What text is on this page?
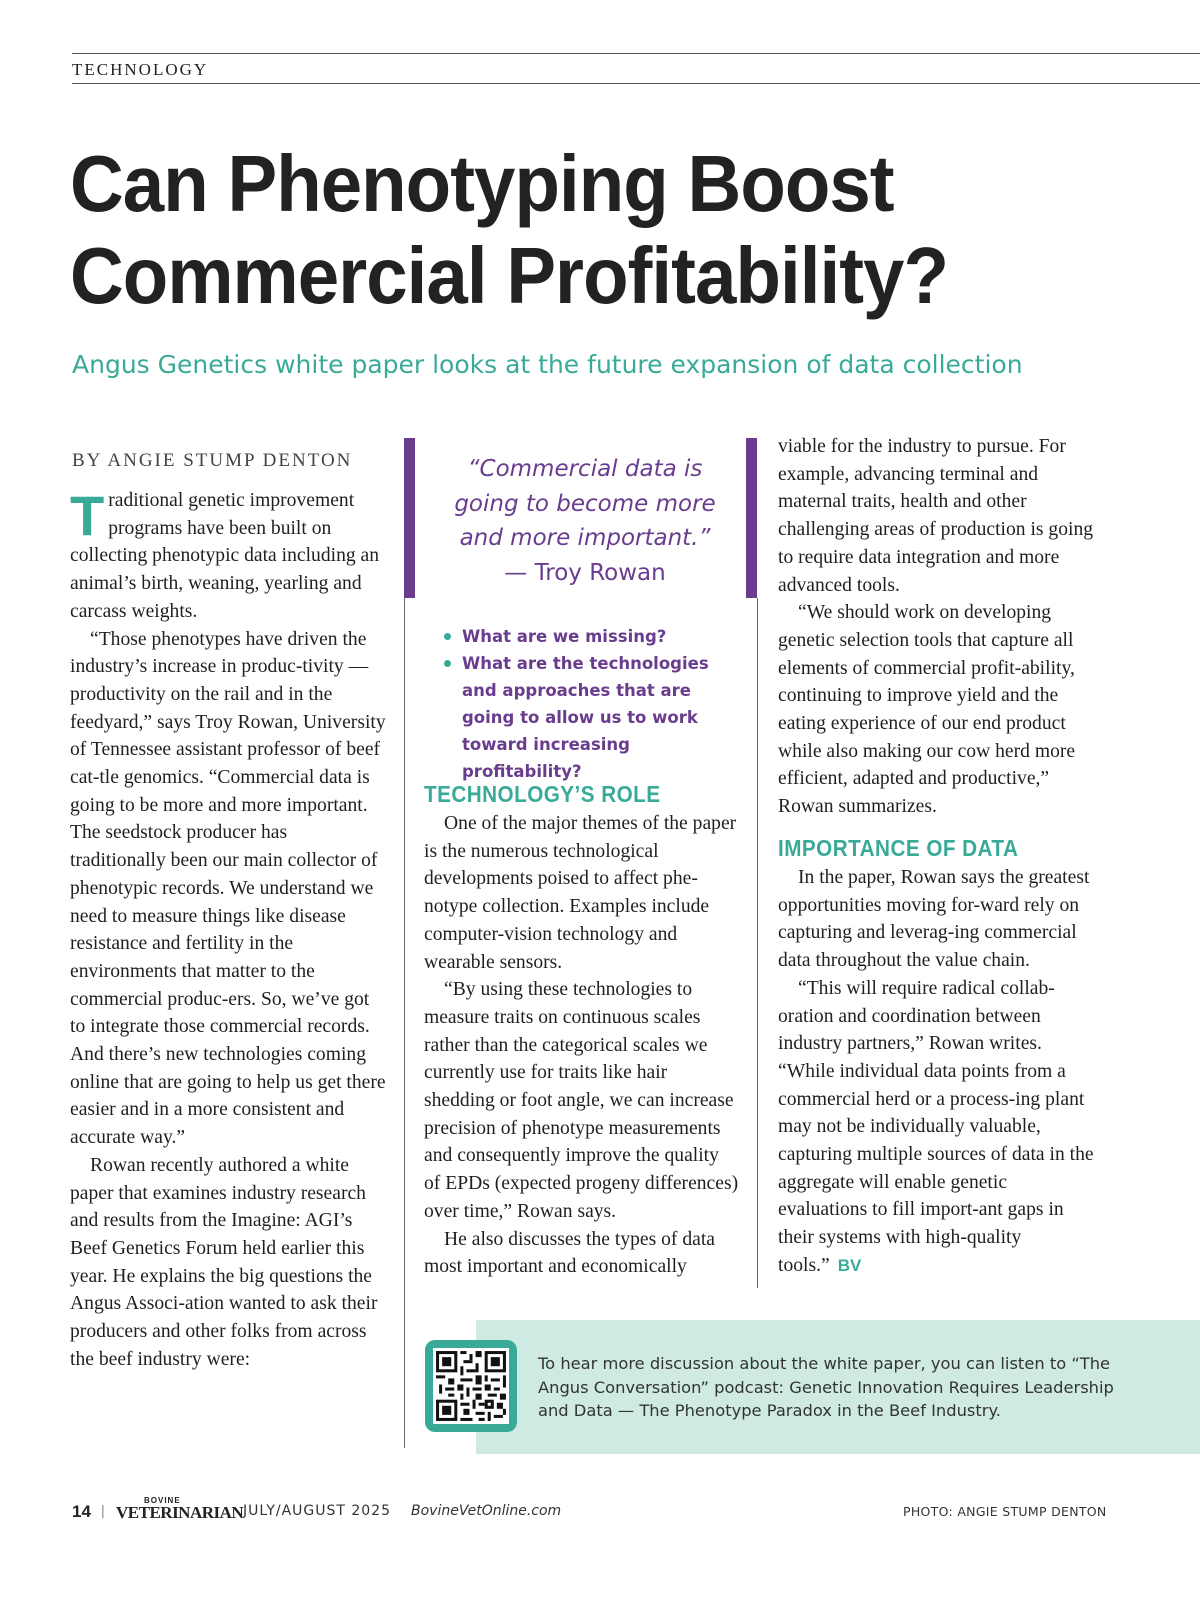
TECHNOLOGY
Can Phenotyping Boost
Commercial Profitability?
Angus Genetics white paper looks at the future expansion of data collection
BY ANGIE STUMP DENTON

Traditional genetic improvement programs have been built on collecting phenotypic data including an animal’s birth, weaning, yearling and carcass weights.

“Those phenotypes have driven the industry’s increase in produc-tivity — productivity on the rail and in the feedyard,” says Troy Rowan, University of Tennessee assistant professor of beef cat-tle genomics. “Commercial data is going to be more and more important. The seedstock producer has traditionally been our main collector of phenotypic records. We understand we need to measure things like disease resistance and fertility in the environments that matter to the commercial produc-ers. So, we’ve got to integrate those commercial records. And there’s new technologies coming online that are going to help us get there easier and in a more consistent and accurate way.”

Rowan recently authored a white paper that examines industry research and results from the Imagine: AGI’s Beef Genetics Forum held earlier this year. He explains the big questions the Angus Associ-ation wanted to ask their producers and other folks from across the beef industry were:

“Commercial data is going to become more and more important.”
— Troy Rowan
What are we missing?
What are the technologies and approaches that are going to allow us to work toward increasing profitability?
TECHNOLOGY’S ROLE

One of the major themes of the paper is the numerous technological developments poised to affect phe-notype collection. Examples include computer-vision technology and wearable sensors.

“By using these technologies to measure traits on continuous scales rather than the categorical scales we currently use for traits like hair shedding or foot angle, we can increase precision of phenotype measurements and consequently improve the quality of EPDs (expected progeny differences) over time,” Rowan says.

He also discusses the types of data most important and economically

viable for the industry to pursue. For example, advancing terminal and maternal traits, health and other challenging areas of production is going to require data integration and more advanced tools.

“We should work on developing genetic selection tools that capture all elements of commercial profit-ability, continuing to improve yield and the eating experience of our end product while also making our cow herd more efficient, adapted and productive,” Rowan summarizes.

IMPORTANCE OF DATA

In the paper, Rowan says the greatest opportunities moving for-ward rely on capturing and leverag-ing commercial data throughout the value chain.

“This will require radical collab-oration and coordination between industry partners,” Rowan writes. “While individual data points from a commercial herd or a process-ing plant may not be individually valuable, capturing multiple sources of data in the aggregate will enable genetic evaluations to fill import-ant gaps in their systems with high-quality tools.” BV

To hear more discussion about the white paper, you can listen to “The Angus Conversation” podcast: Genetic Innovation Requires Leadership and Data — The Phenotype Paradox in the Beef Industry.
14 |
BOVINE
VETERINARIAN JULY/AUGUST 2025 BovineVetOnline.com	PHOTO: ANGIE STUMP DENTON
